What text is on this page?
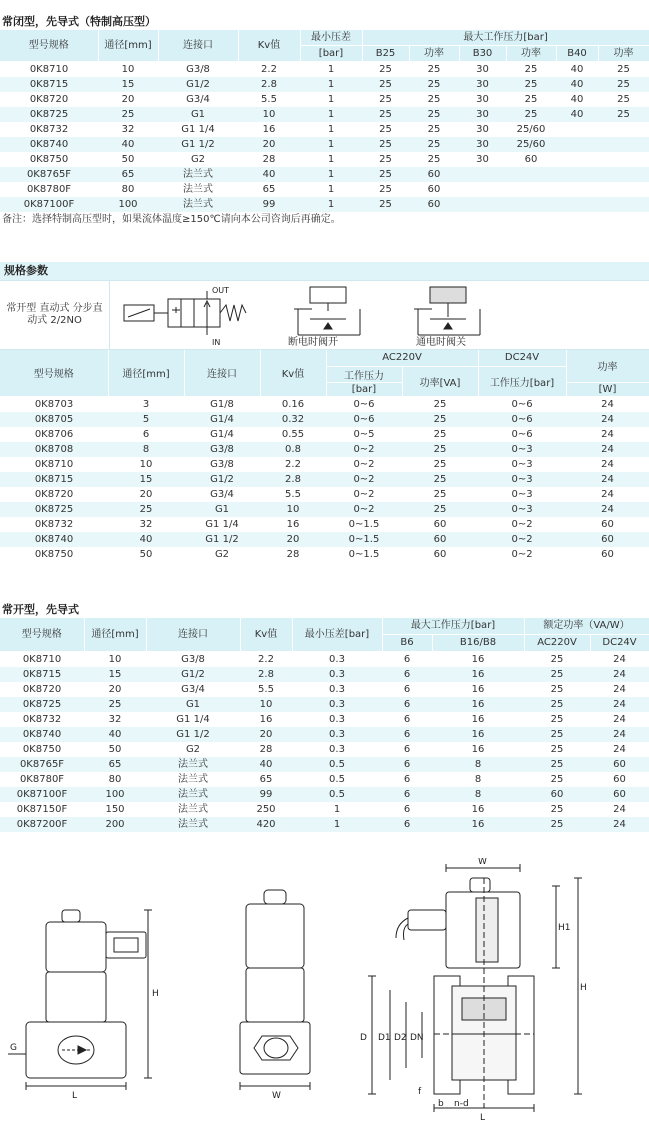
常闭型，先导式（特制高压型）
型号规格	通径[mm]	连接口	Kv值	最小压差	最大工作压力[bar]					
				[bar]	B25	功率	B30	功率	B40	功率
0K8710	10	G3/8	2.2	1	25	25	30	25	40	25
0K8715	15	G1/2	2.8	1	25	25	30	25	40	25
0K8720	20	G3/4	5.5	1	25	25	30	25	40	25
0K8725	25	G1	10	1	25	25	30	25	40	25
0K8732	32	G1 1/4	16	1	25	25	30	25/60		
0K8740	40	G1 1/2	20	1	25	25	30	25/60		
0K8750	50	G2	28	1	25	25	30	60		
0K8765F	65	法兰式	40	1	25	60				
0K8780F	80	法兰式	65	1	25	60				
0K87100F	100	法兰式	99	1	25	60				
备注：选择特制高压型时，如果流体温度≥150℃请向本公司咨询后再确定。
规格参数
常开型 直动式 分步直动式 2/2NO
OUT
IN	断电时阀开	通电时阀关
型号规格	通径[mm]	连接口	Kv值	AC220V		DC24V	功率
				工作压力	功率[VA]	工作压力[bar]	
				[bar]			[W]
0K8703	3	G1/8	0.16	0~6	25	0~6	24
0K8705	5	G1/4	0.32	0~6	25	0~6	24
0K8706	6	G1/4	0.55	0~5	25	0~6	24
0K8708	8	G3/8	0.8	0~2	25	0~3	24
0K8710	10	G3/8	2.2	0~2	25	0~3	24
0K8715	15	G1/2	2.8	0~2	25	0~3	24
0K8720	20	G3/4	5.5	0~2	25	0~3	24
0K8725	25	G1	10	0~2	25	0~3	24
0K8732	32	G1 1/4	16	0~1.5	60	0~2	60
0K8740	40	G1 1/2	20	0~1.5	60	0~2	60
0K8750	50	G2	28	0~1.5	60	0~2	60
常开型，先导式
型号规格	通径[mm]	连接口	Kv值	最小压差[bar]	最大工作压力[bar]		额定功率（VA/W）	
					B6	B16/B8	AC220V	DC24V
0K8710	10	G3/8	2.2	0.3	6	16	25	24
0K8715	15	G1/2	2.8	0.3	6	16	25	24
0K8720	20	G3/4	5.5	0.3	6	16	25	24
0K8725	25	G1	10	0.3	6	16	25	24
0K8732	32	G1 1/4	16	0.3	6	16	25	24
0K8740	40	G1 1/2	20	0.3	6	16	25	24
0K8750	50	G2	28	0.3	6	16	25	24
0K8765F	65	法兰式	40	0.5	6	8	25	60
0K8780F	80	法兰式	65	0.5	6	8	25	60
0K87100F	100	法兰式	99	0.5	6	8	60	60
0K87150F	150	法兰式	250	1	6	16	25	24
0K87200F	200	法兰式	420	1	6	16	25	24
L
H
G
W
W
H1
H
D D1 D2 DN
L
f
b n-d
